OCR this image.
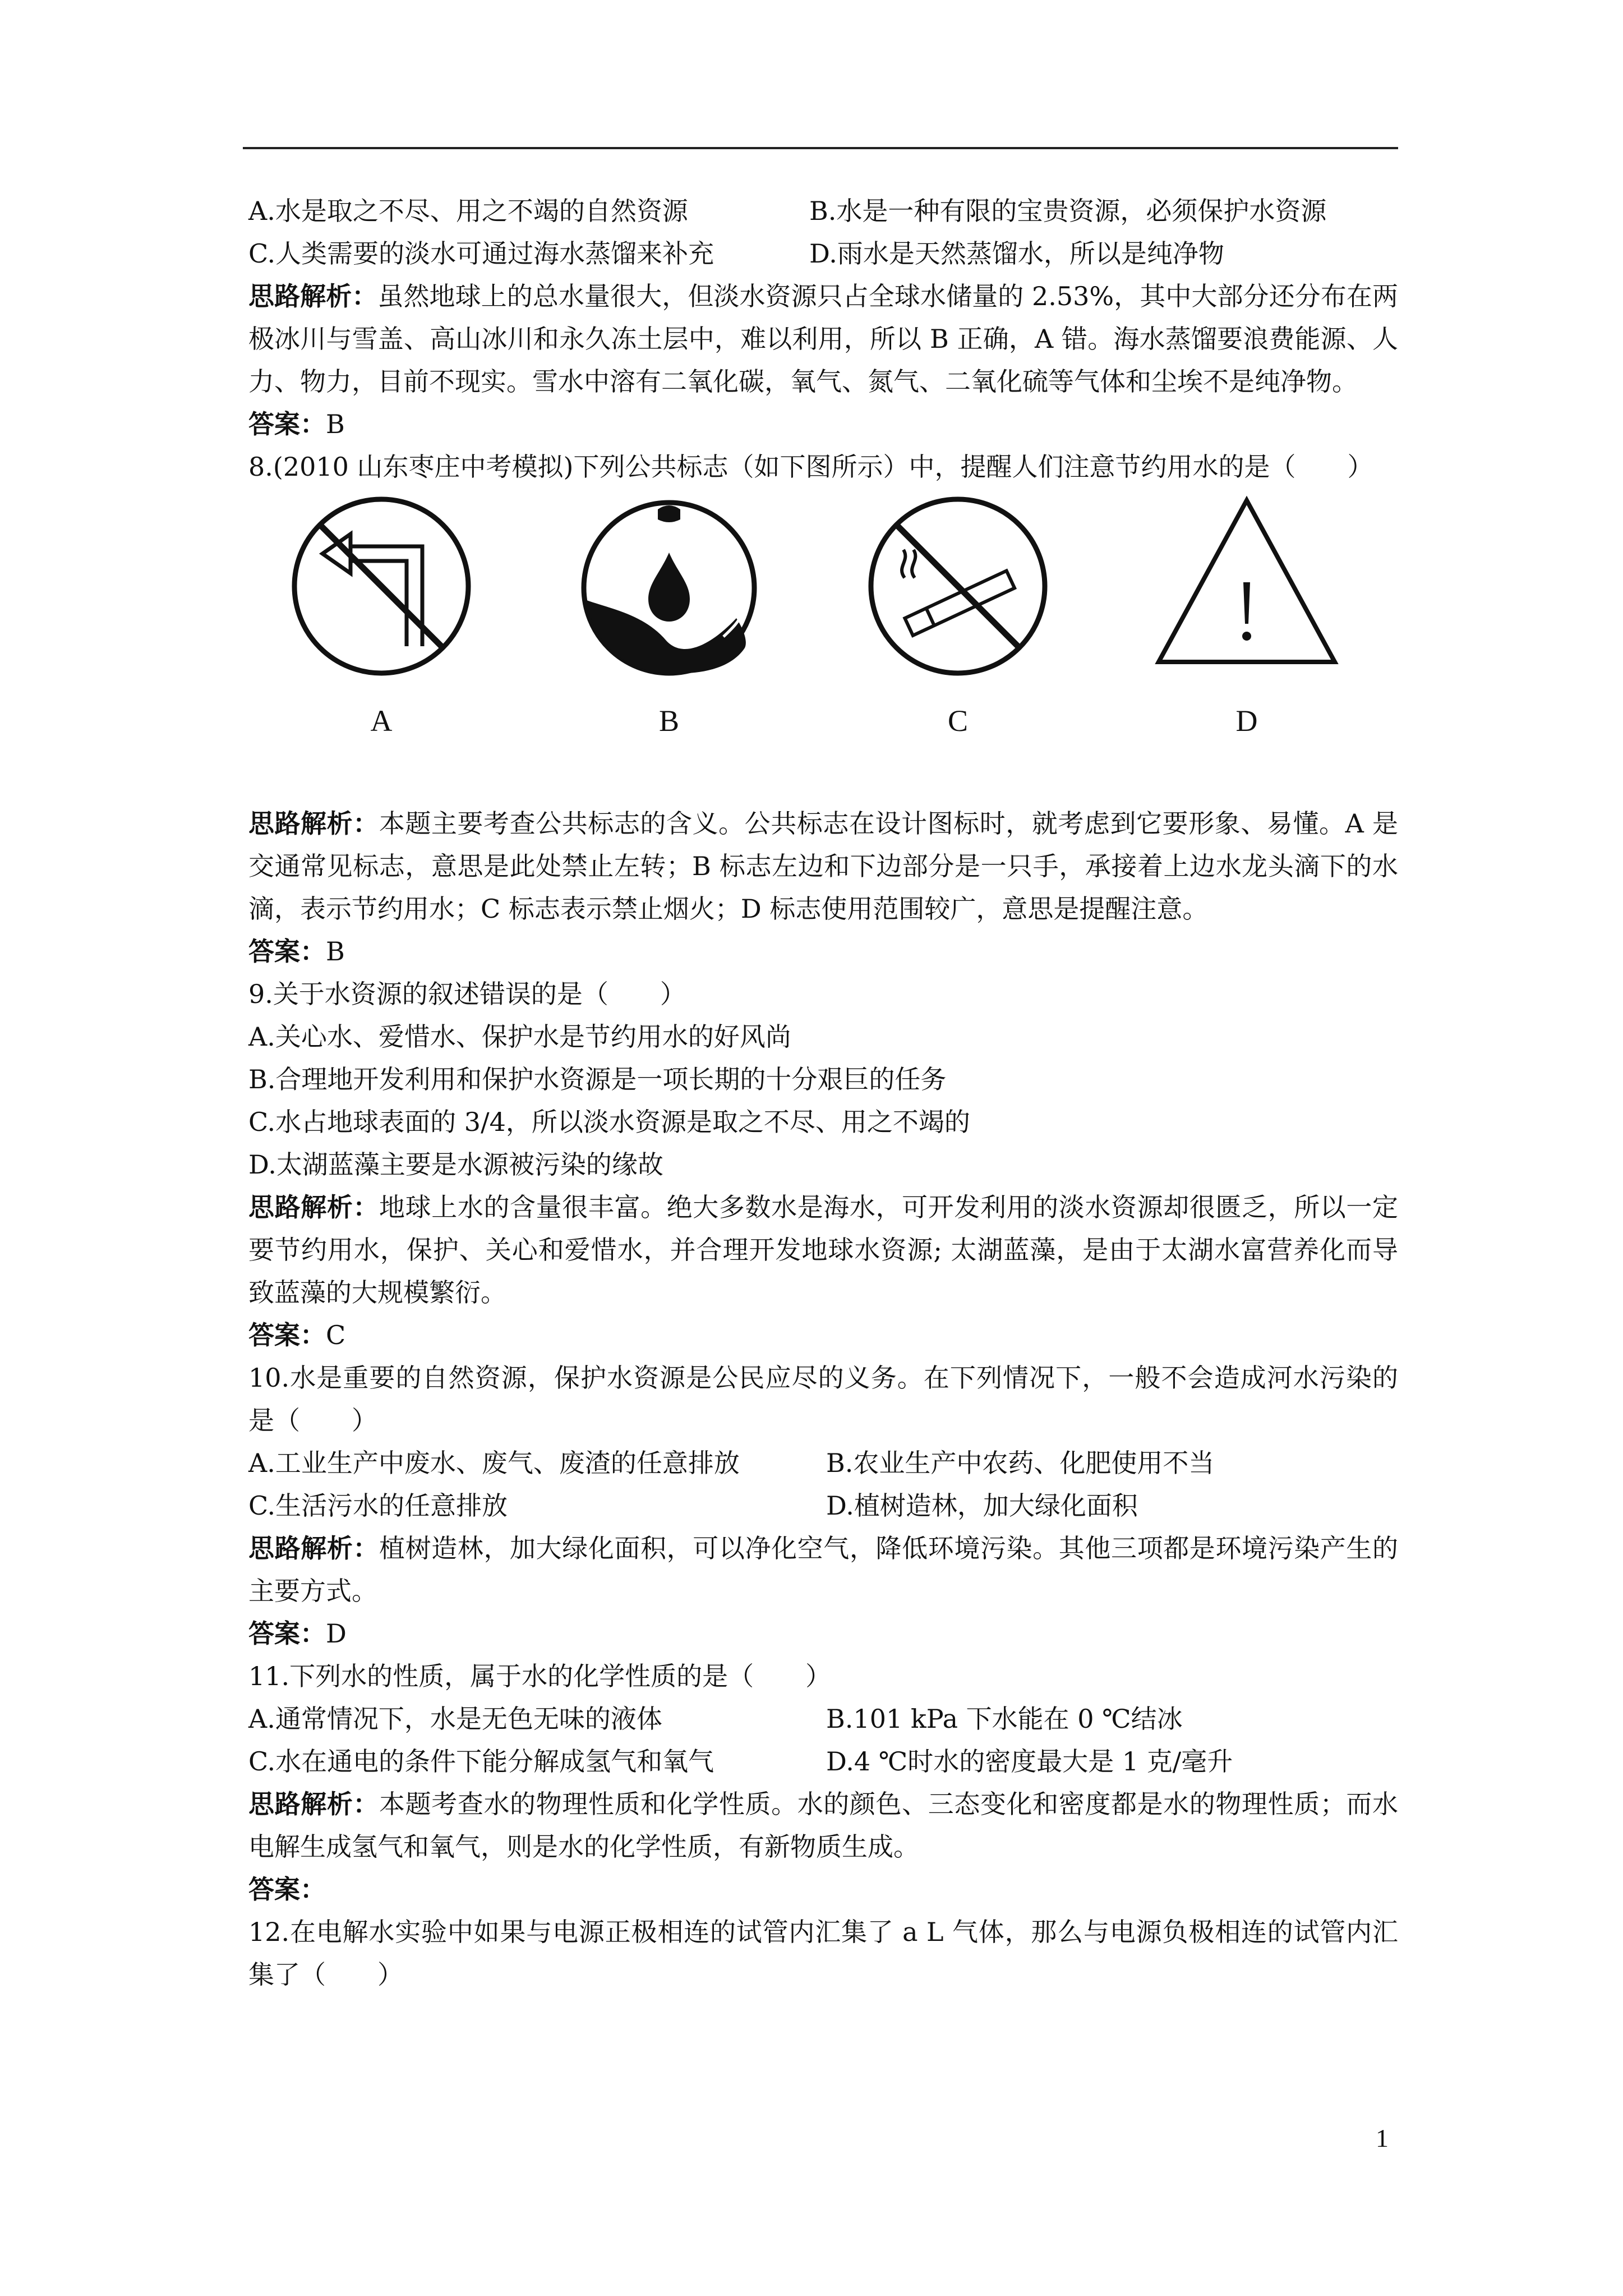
A.水是取之不尽、用之不竭的自然资源	B.水是一种有限的宝贵资源，必须保护水资源
C.人类需要的淡水可通过海水蒸馏来补充	D.雨水是天然蒸馏水，所以是纯净物
思路解析：虽然地球上的总水量很大，但淡水资源只占全球水储量的 2.53%，其中大部分还分布在两极冰川与雪盖、高山冰川和永久冻土层中，难以利用，所以 B 正确，A 错。海水蒸馏要浪费能源、人力、物力，目前不现实。雪水中溶有二氧化碳，氧气、氮气、二氧化硫等气体和尘埃不是纯净物。
答案：B
8.(2010 山东枣庄中考模拟)下列公共标志（如下图所示）中，提醒人们注意节约用水的是（　　）
A	B	C	D
思路解析：本题主要考查公共标志的含义。公共标志在设计图标时，就考虑到它要形象、易懂。A 是交通常见标志，意思是此处禁止左转；B 标志左边和下边部分是一只手，承接着上边水龙头滴下的水滴，表示节约用水；C 标志表示禁止烟火；D 标志使用范围较广，意思是提醒注意。
答案：B
9.关于水资源的叙述错误的是（　　）
A.关心水、爱惜水、保护水是节约用水的好风尚
B.合理地开发利用和保护水资源是一项长期的十分艰巨的任务
C.水占地球表面的 3/4，所以淡水资源是取之不尽、用之不竭的
D.太湖蓝藻主要是水源被污染的缘故
思路解析：地球上水的含量很丰富。绝大多数水是海水，可开发利用的淡水资源却很匮乏，所以一定要节约用水，保护、关心和爱惜水，并合理开发地球水资源; 太湖蓝藻，是由于太湖水富营养化而导致蓝藻的大规模繁衍。
答案：C
10.水是重要的自然资源，保护水资源是公民应尽的义务。在下列情况下，一般不会造成河水污染的是（　　）
A.工业生产中废水、废气、废渣的任意排放	B.农业生产中农药、化肥使用不当
C.生活污水的任意排放	D.植树造林，加大绿化面积
思路解析：植树造林，加大绿化面积，可以净化空气，降低环境污染。其他三项都是环境污染产生的主要方式。
答案：D
11.下列水的性质，属于水的化学性质的是（　　）
A.通常情况下，水是无色无味的液体	B.101 kPa 下水能在 0 ℃结冰
C.水在通电的条件下能分解成氢气和氧气	D.4 ℃时水的密度最大是 1 克/毫升
思路解析：本题考查水的物理性质和化学性质。水的颜色、三态变化和密度都是水的物理性质；而水电解生成氢气和氧气，则是水的化学性质，有新物质生成。
答案：
12.在电解水实验中如果与电源正极相连的试管内汇集了 a L 气体，那么与电源负极相连的试管内汇集了（　　）
1
